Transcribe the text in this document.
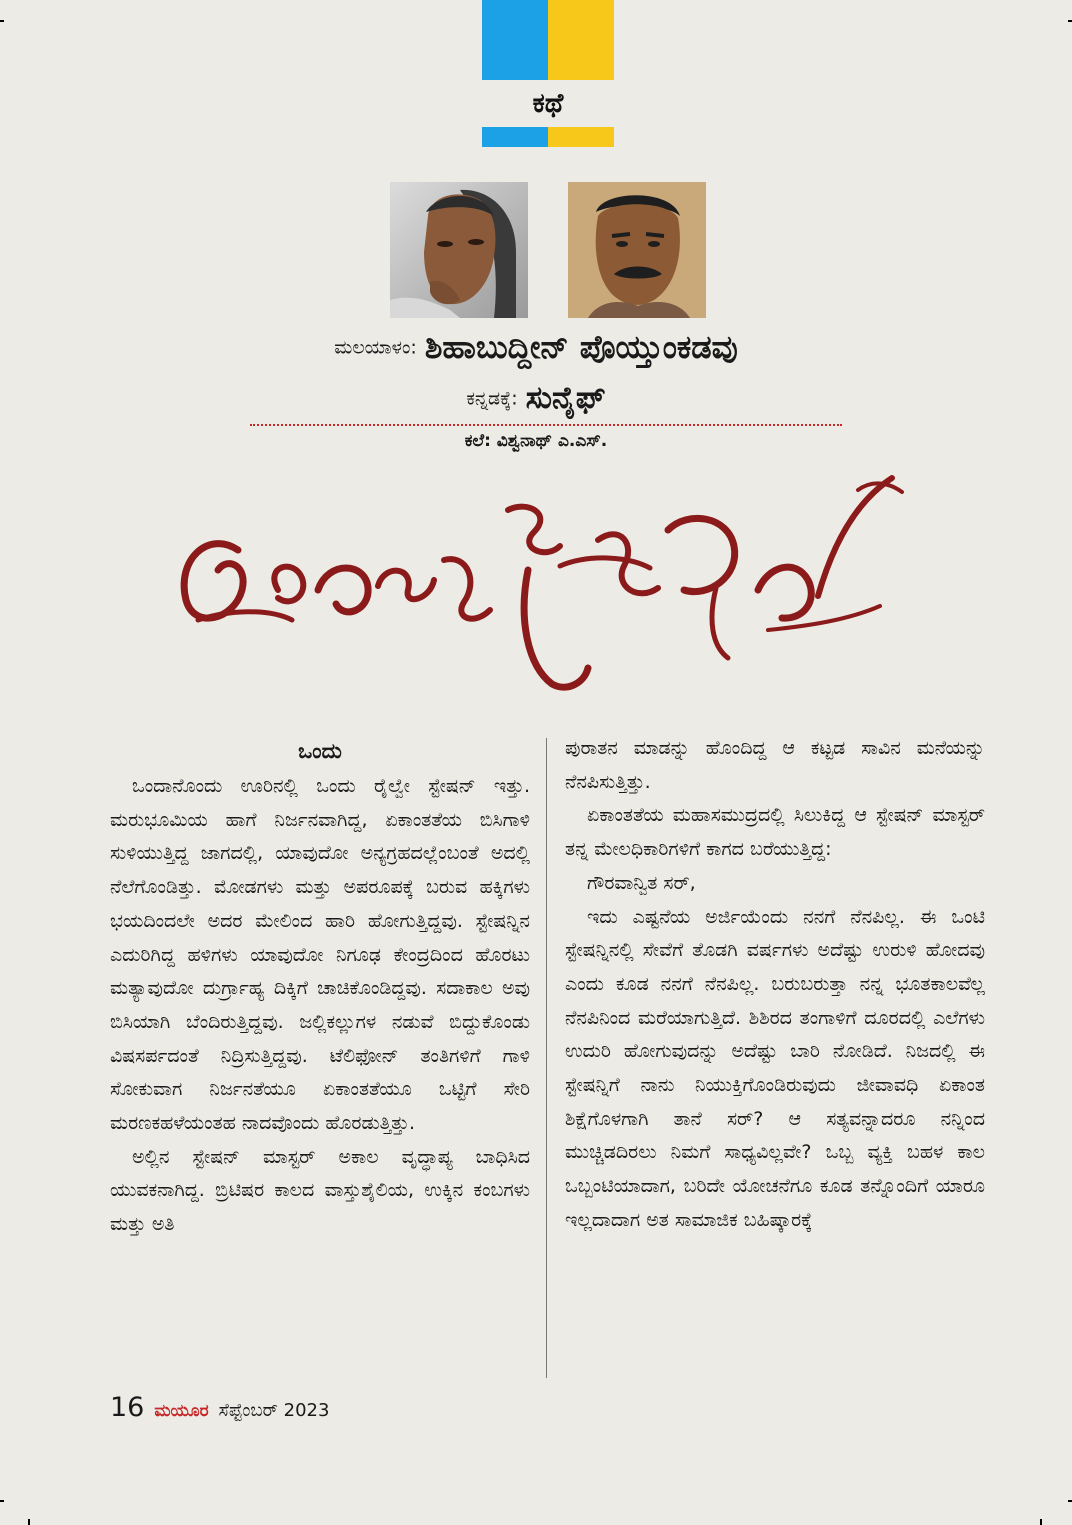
ಕಥೆ
ಮಲಯಾಳಂ: ಶಿಹಾಬುದ್ದೀನ್ ಪೊಯ್ತುಂಕಡವು
ಕನ್ನಡಕ್ಕೆ: ಸುನೈಫ್
ಕಲೆ: ವಿಶ್ವನಾಥ್ ಎ.ಎಸ್.
ಒಂದು

ಒಂದಾನೊಂದು ಊರಿನಲ್ಲಿ ಒಂದು ರೈಲ್ವೇ ಸ್ಟೇಷನ್ ಇತ್ತು. ಮರುಭೂಮಿಯ ಹಾಗೆ ನಿರ್ಜನವಾಗಿದ್ದ, ಏಕಾಂತತೆಯ ಬಿಸಿಗಾಳಿ ಸುಳಿಯುತ್ತಿದ್ದ ಜಾಗದಲ್ಲಿ, ಯಾವುದೋ ಅನ್ಯಗ್ರಹದಲ್ಲೆಂಬಂತೆ ಅದಲ್ಲಿ ನೆಲೆಗೊಂಡಿತ್ತು. ಮೋಡಗಳು ಮತ್ತು ಅಪರೂಪಕ್ಕೆ ಬರುವ ಹಕ್ಕಿಗಳು ಭಯದಿಂದಲೇ ಅದರ ಮೇಲಿಂದ ಹಾರಿ ಹೋಗುತ್ತಿದ್ದವು. ಸ್ಟೇಷನ್ನಿನ ಎದುರಿಗಿದ್ದ ಹಳಿಗಳು ಯಾವುದೋ ನಿಗೂಢ ಕೇಂದ್ರದಿಂದ ಹೊರಟು ಮತ್ಯಾವುದೋ ದುರ್ಗ್ರಾಹ್ಯ ದಿಕ್ಕಿಗೆ ಚಾಚಿಕೊಂಡಿದ್ದವು. ಸದಾಕಾಲ ಅವು ಬಿಸಿಯಾಗಿ ಬೆಂದಿರುತ್ತಿದ್ದವು. ಜಲ್ಲಿಕಲ್ಲುಗಳ ನಡುವೆ ಬಿದ್ದುಕೊಂಡು ವಿಷಸರ್ಪದಂತೆ ನಿದ್ರಿಸುತ್ತಿದ್ದವು. ಟೆಲಿಫೋನ್ ತಂತಿಗಳಿಗೆ ಗಾಳಿ ಸೋಕುವಾಗ ನಿರ್ಜನತೆಯೂ ಏಕಾಂತತೆಯೂ ಒಟ್ಟಿಗೆ ಸೇರಿ ಮರಣಕಹಳೆಯಂತಹ ನಾದವೊಂದು ಹೊರಡುತ್ತಿತ್ತು.

ಅಲ್ಲಿನ ಸ್ಟೇಷನ್ ಮಾಸ್ಟರ್ ಅಕಾಲ ವೃದ್ಧಾಪ್ಯ ಬಾಧಿಸಿದ ಯುವಕನಾಗಿದ್ದ. ಬ್ರಿಟಿಷರ ಕಾಲದ ವಾಸ್ತುಶೈಲಿಯ, ಉಕ್ಕಿನ ಕಂಬಗಳು ಮತ್ತು ಅತಿ

ಪುರಾತನ ಮಾಡನ್ನು ಹೊಂದಿದ್ದ ಆ ಕಟ್ಟಡ ಸಾವಿನ ಮನೆಯನ್ನು ನೆನಪಿಸುತ್ತಿತ್ತು.

ಏಕಾಂತತೆಯ ಮಹಾಸಮುದ್ರದಲ್ಲಿ ಸಿಲುಕಿದ್ದ ಆ ಸ್ಟೇಷನ್ ಮಾಸ್ಟರ್ ತನ್ನ ಮೇಲಧಿಕಾರಿಗಳಿಗೆ ಕಾಗದ ಬರೆಯುತ್ತಿದ್ದ:

ಗೌರವಾನ್ವಿತ ಸರ್,

ಇದು ಎಷ್ಟನೆಯ ಅರ್ಜಿಯೆಂದು ನನಗೆ ನೆನಪಿಲ್ಲ. ಈ ಒಂಟಿ ಸ್ಟೇಷನ್ನಿನಲ್ಲಿ ಸೇವೆಗೆ ತೊಡಗಿ ವರ್ಷಗಳು ಅದೆಷ್ಟು ಉರುಳಿ ಹೋದವು ಎಂದು ಕೂಡ ನನಗೆ ನೆನಪಿಲ್ಲ. ಬರುಬರುತ್ತಾ ನನ್ನ ಭೂತಕಾಲವೆಲ್ಲ ನೆನಪಿನಿಂದ ಮರೆಯಾಗುತ್ತಿದೆ. ಶಿಶಿರದ ತಂಗಾಳಿಗೆ ದೂರದಲ್ಲಿ ಎಲೆಗಳು ಉದುರಿ ಹೋಗುವುದನ್ನು ಅದೆಷ್ಟು ಬಾರಿ ನೋಡಿದೆ. ನಿಜದಲ್ಲಿ ಈ ಸ್ಟೇಷನ್ನಿಗೆ ನಾನು ನಿಯುಕ್ತಿಗೊಂಡಿರುವುದು ಜೀವಾವಧಿ ಏಕಾಂತ ಶಿಕ್ಷೆಗೊಳಗಾಗಿ ತಾನೆ ಸರ್? ಆ ಸತ್ಯವನ್ನಾದರೂ ನನ್ನಿಂದ ಮುಚ್ಚಿಡದಿರಲು ನಿಮಗೆ ಸಾಧ್ಯವಿಲ್ಲವೇ? ಒಬ್ಬ ವ್ಯಕ್ತಿ ಬಹಳ ಕಾಲ ಒಬ್ಬಂಟಿಯಾದಾಗ, ಬರಿದೇ ಯೋಚನೆಗೂ ಕೂಡ ತನ್ನೊಂದಿಗೆ ಯಾರೂ ಇಲ್ಲದಾದಾಗ ಅತ ಸಾಮಾಜಿಕ ಬಹಿಷ್ಕಾರಕ್ಕೆ

16 ಮಯೂರ ಸೆಪ್ಟೆಂಬರ್ 2023
